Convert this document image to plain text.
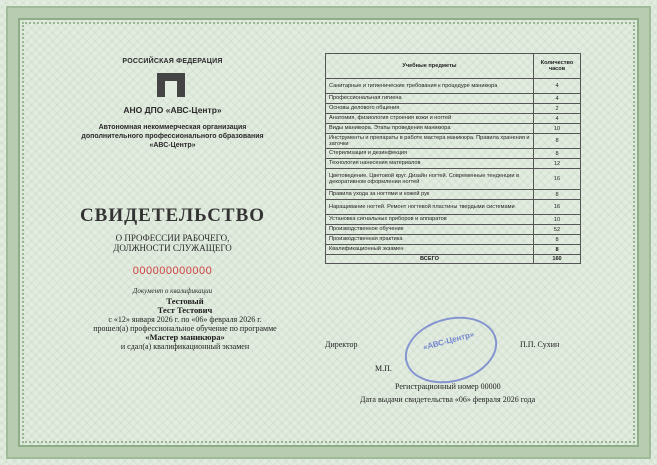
РОССИЙСКАЯ ФЕДЕРАЦИЯ
АНО ДПО «АВС-Центр»
Автономная некоммерческая организация
дополнительного профессионального образования
«АВС-Центр»
СВИДЕТЕЛЬСТВО
О ПРОФЕССИИ РАБОЧЕГО,
ДОЛЖНОСТИ СЛУЖАЩЕГО
000000000000
Документ о квалификации
Тестовый
Тест Тестович
с «12» января 2026 г. по «06» февраля 2026 г.
прошел(а) профессиональное обучение по программе
«Мастер маникюра»
и сдал(а) квалификационный экзамен
Учебные предметы	Количество часов
Санитарные и гигиенические требования к процедуре маникюра	4
Профессиональная гигиена	4
Основы делового общения	2
Анатомия, физиология строения кожи и ногтей	4
Виды маникюра. Этапы проведения маникюра	10
Инструменты и препараты в работе мастера маникюра. Правила хранения и заточки	8
Стерилизация и дезинфекция	8
Технология нанесения материалов	12
Цветоведение. Цветовой круг. Дизайн ногтей. Современные тенденции в декоративном оформлении ногтей	16
Правила ухода за ногтями и кожей рук	8
Наращивание ногтей. Ремонт ногтевой пластины твердыми системами	16
Установка сигнальных приборов и аппаратов	10
Производственное обучение	52
Производственная практика	8
Квалификационный экзамен	8
ВСЕГО	160
«АВС-Центр»
Директор	П.П. Сухин
М.П.
Регистрационный номер 00000
Дата выдачи свидетельства «06» февраля 2026 года
